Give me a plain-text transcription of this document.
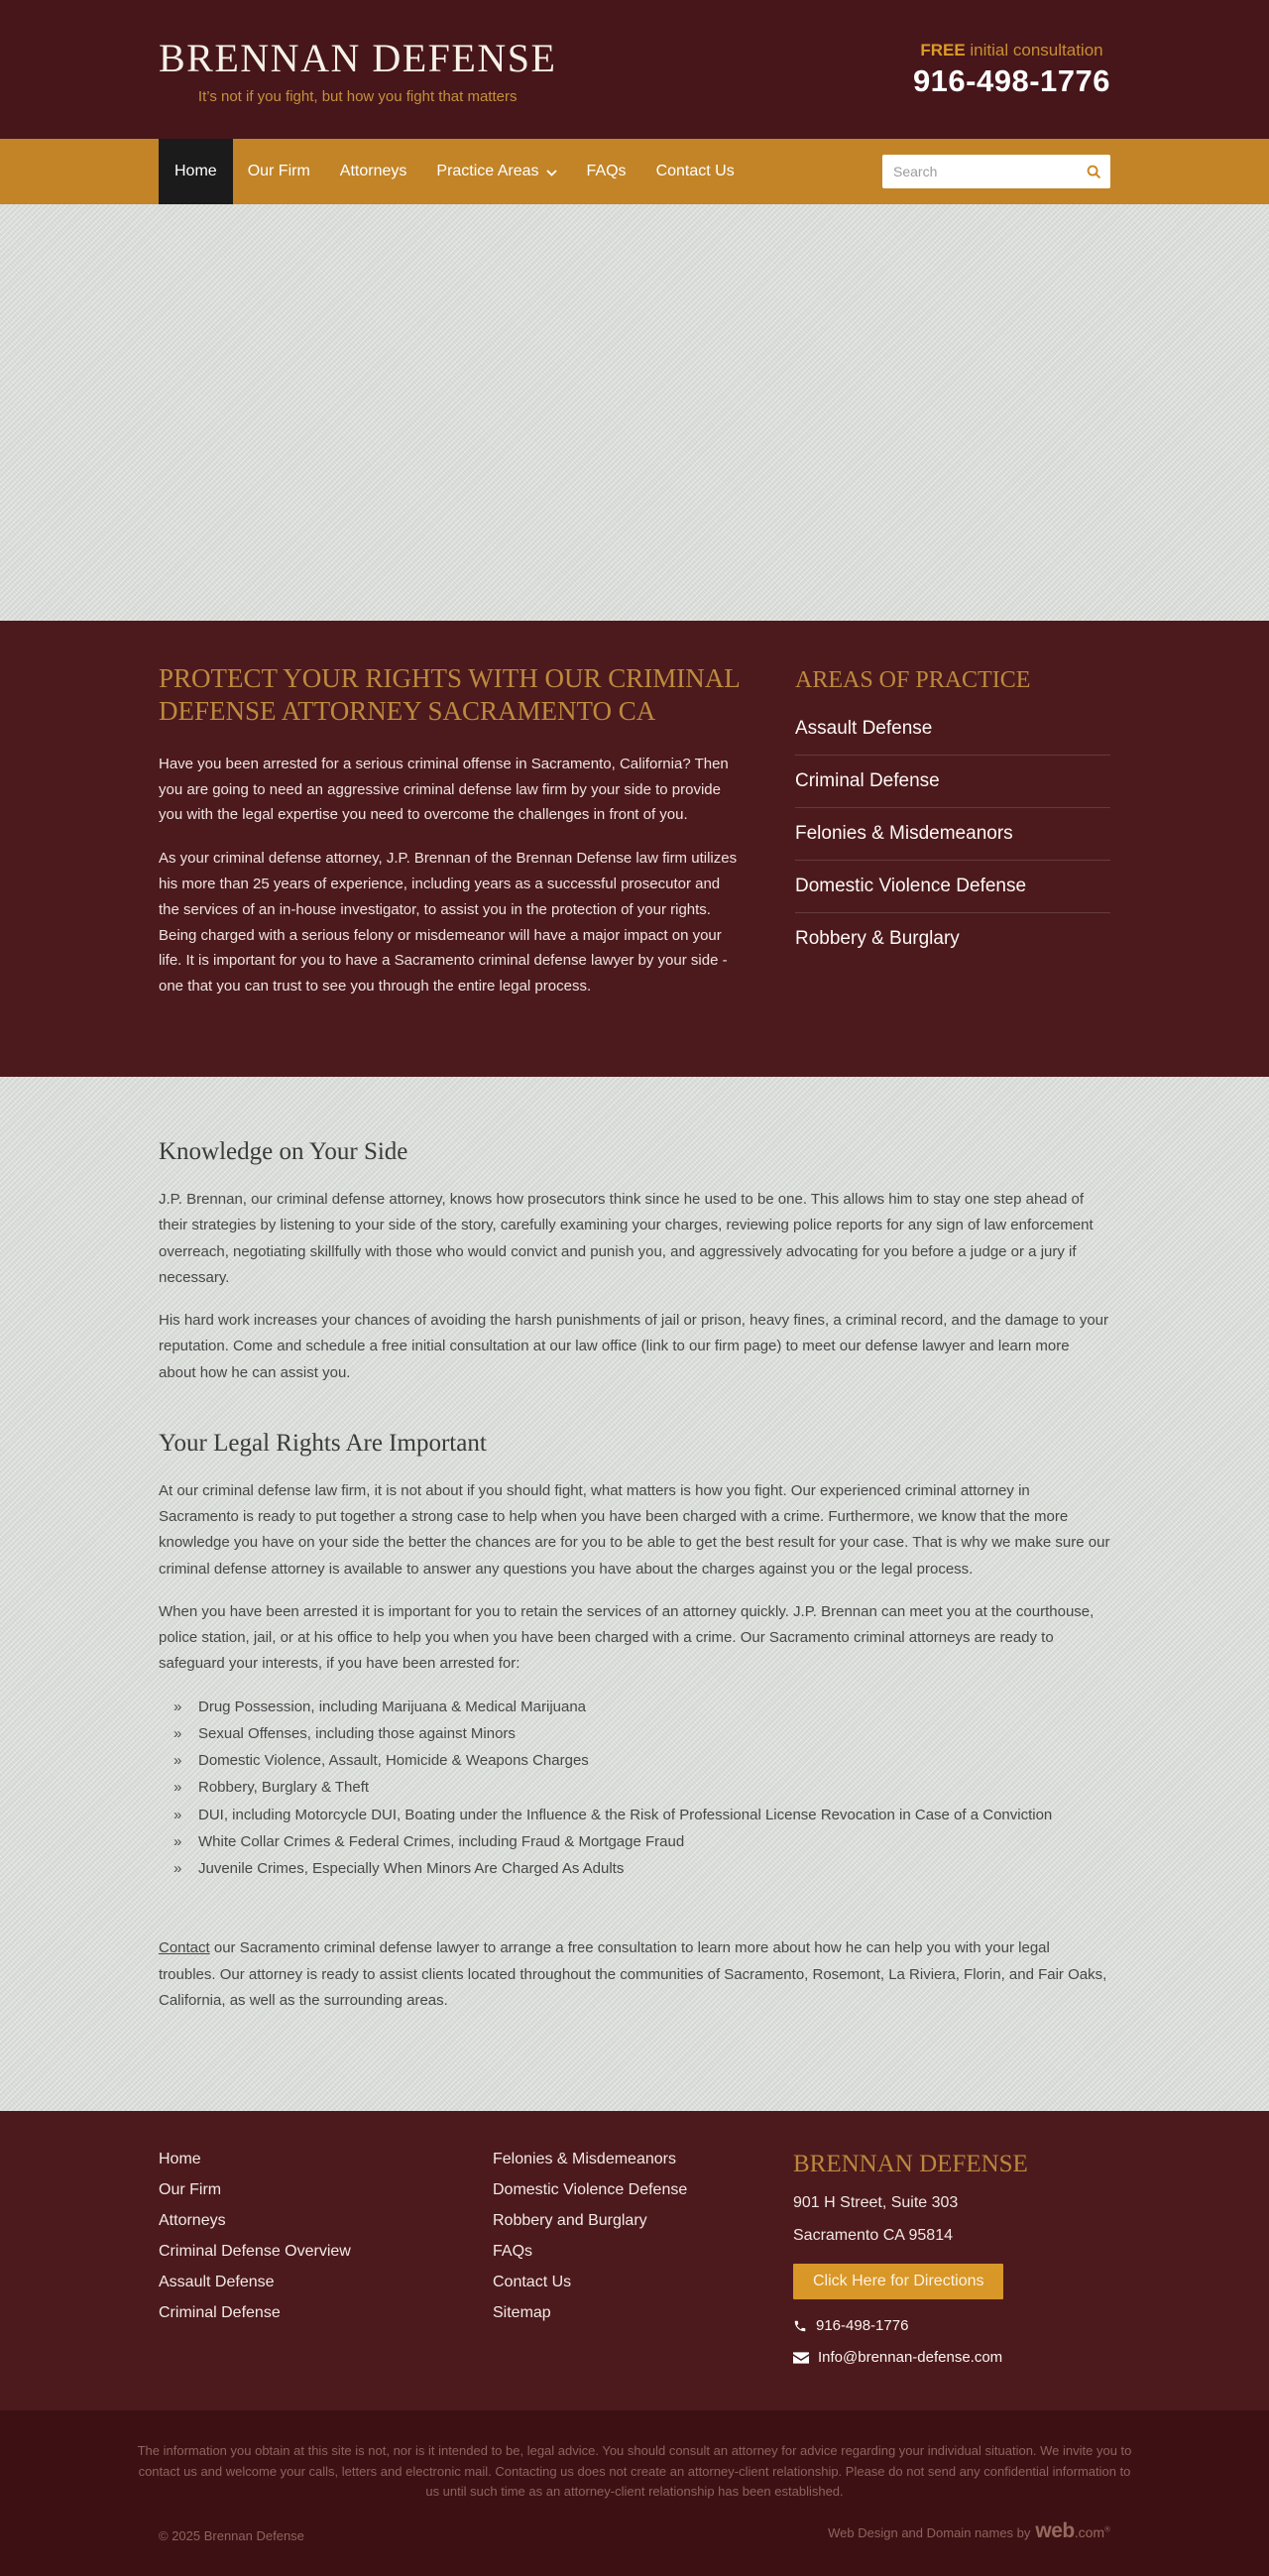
BRENNAN DEFENSE
It’s not if you fight, but how you fight that matters
FREE initial consultation
916-498-1776
Home	Our Firm	Attorneys	Practice Areas	FAQs	Contact Us
Search
PROTECT YOUR RIGHTS WITH OUR CRIMINAL DEFENSE ATTORNEY SACRAMENTO CA

Have you been arrested for a serious criminal offense in Sacramento, California? Then you are going to need an aggressive criminal defense law firm by your side to provide you with the legal expertise you need to overcome the challenges in front of you.

As your criminal defense attorney, J.P. Brennan of the Brennan Defense law firm utilizes his more than 25 years of experience, including years as a successful prosecutor and the services of an in-house investigator, to assist you in the protection of your rights. Being charged with a serious felony or misdemeanor will have a major impact on your life. It is important for you to have a Sacramento criminal defense lawyer by your side - one that you can trust to see you through the entire legal process.

AREAS OF PRACTICE
Assault Defense
Criminal Defense
Felonies & Misdemeanors
Domestic Violence Defense
Robbery & Burglary
Knowledge on Your Side

J.P. Brennan, our criminal defense attorney, knows how prosecutors think since he used to be one. This allows him to stay one step ahead of their strategies by listening to your side of the story, carefully examining your charges, reviewing police reports for any sign of law enforcement overreach, negotiating skillfully with those who would convict and punish you, and aggressively advocating for you before a judge or a jury if necessary.

His hard work increases your chances of avoiding the harsh punishments of jail or prison, heavy fines, a criminal record, and the damage to your reputation. Come and schedule a free initial consultation at our law office (link to our firm page) to meet our defense lawyer and learn more about how he can assist you.

Your Legal Rights Are Important

At our criminal defense law firm, it is not about if you should fight, what matters is how you fight. Our experienced criminal attorney in Sacramento is ready to put together a strong case to help when you have been charged with a crime. Furthermore, we know that the more knowledge you have on your side the better the chances are for you to be able to get the best result for your case. That is why we make sure our criminal defense attorney is available to answer any questions you have about the charges against you or the legal process.

When you have been arrested it is important for you to retain the services of an attorney quickly. J.P. Brennan can meet you at the courthouse, police station, jail, or at his office to help you when you have been charged with a crime. Our Sacramento criminal attorneys are ready to safeguard your interests, if you have been arrested for:

» Drug Possession, including Marijuana & Medical Marijuana
» Sexual Offenses, including those against Minors
» Domestic Violence, Assault, Homicide & Weapons Charges
» Robbery, Burglary & Theft
» DUI, including Motorcycle DUI, Boating under the Influence & the Risk of Professional License Revocation in Case of a Conviction
» White Collar Crimes & Federal Crimes, including Fraud & Mortgage Fraud
» Juvenile Crimes, Especially When Minors Are Charged As Adults

Contact our Sacramento criminal defense lawyer to arrange a free consultation to learn more about how he can help you with your legal troubles. Our attorney is ready to assist clients located throughout the communities of Sacramento, Rosemont, La Riviera, Florin, and Fair Oaks, California, as well as the surrounding areas.

Home
Our Firm
Attorneys
Criminal Defense Overview
Assault Defense
Criminal Defense
Felonies & Misdemeanors
Domestic Violence Defense
Robbery and Burglary
FAQs
Contact Us
Sitemap
BRENNAN DEFENSE
901 H Street, Suite 303
Sacramento CA 95814
Click Here for Directions
916-498-1776
Info@brennan-defense.com

The information you obtain at this site is not, nor is it intended to be, legal advice. You should consult an attorney for advice regarding your individual situation. We invite you to contact us and welcome your calls, letters and electronic mail. Contacting us does not create an attorney-client relationship. Please do not send any confidential information to us until such time as an attorney-client relationship has been established.

© 2025 Brennan Defense	Web Design and Domain names by web.com®
